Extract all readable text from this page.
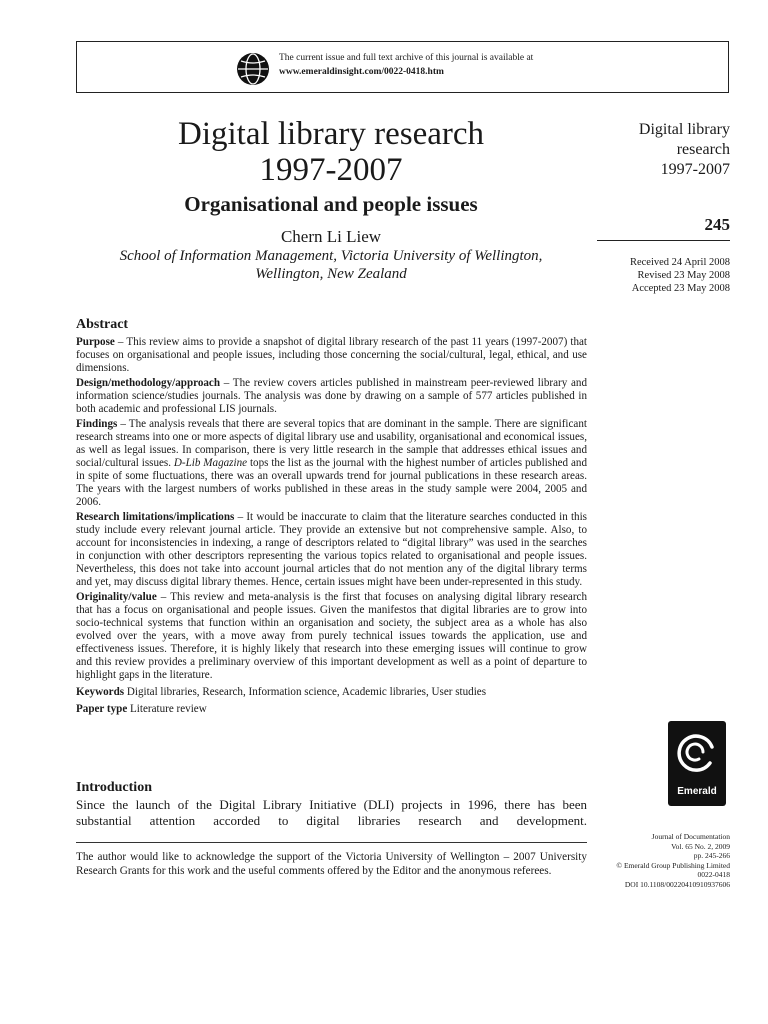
The current issue and full text archive of this journal is available at
www.emeraldinsight.com/0022-0418.htm
Digital library research
1997-2007
Organisational and people issues
Chern Li Liew
School of Information Management, Victoria University of Wellington,
Wellington, New Zealand
Digital library
research
1997-2007
245
Received 24 April 2008
Revised 23 May 2008
Accepted 23 May 2008
Abstract

Purpose – This review aims to provide a snapshot of digital library research of the past 11 years (1997-2007) that focuses on organisational and people issues, including those concerning the social/cultural, legal, ethical, and use dimensions.

Design/methodology/approach – The review covers articles published in mainstream peer-reviewed library and information science/studies journals. The analysis was done by drawing on a sample of 577 articles published in both academic and professional LIS journals.

Findings – The analysis reveals that there are several topics that are dominant in the sample. There are significant research streams into one or more aspects of digital library use and usability, organisational and economical issues, as well as legal issues. In comparison, there is very little research in the sample that addresses ethical issues and social/cultural issues. D-Lib Magazine tops the list as the journal with the highest number of articles published and in spite of some fluctuations, there was an overall upwards trend for journal publications in these research areas. The years with the largest numbers of works published in these areas in the study sample were 2004, 2005 and 2006.

Research limitations/implications – It would be inaccurate to claim that the literature searches conducted in this study include every relevant journal article. They provide an extensive but not comprehensive sample. Also, to account for inconsistencies in indexing, a range of descriptors related to “digital library” was used in the searches in conjunction with other descriptors representing the various topics related to organisational and people issues. Nevertheless, this does not take into account journal articles that do not mention any of the digital library terms and yet, may discuss digital library themes. Hence, certain issues might have been under-represented in this study.

Originality/value – This review and meta-analysis is the first that focuses on analysing digital library research that has a focus on organisational and people issues. Given the manifestos that digital libraries are to grow into socio-technical systems that function within an organisation and society, the subject area as a whole has also evolved over the years, with a move away from purely technical issues towards the application, use and effectiveness issues. Therefore, it is highly likely that research into these emerging issues will continue to grow and this review provides a preliminary overview of this important development as well as a point of departure to highlight gaps in the literature.

Keywords Digital libraries, Research, Information science, Academic libraries, User studies

Paper type Literature review

Introduction
Since the launch of the Digital Library Initiative (DLI) projects in 1996, there has been substantial attention accorded to digital libraries research and development.
The author would like to acknowledge the support of the Victoria University of Wellington – 2007 University Research Grants for this work and the useful comments offered by the Editor and the anonymous referees.
Emerald
Journal of Documentation
Vol. 65 No. 2, 2009
pp. 245-266
© Emerald Group Publishing Limited
0022-0418
DOI 10.1108/00220410910937606
